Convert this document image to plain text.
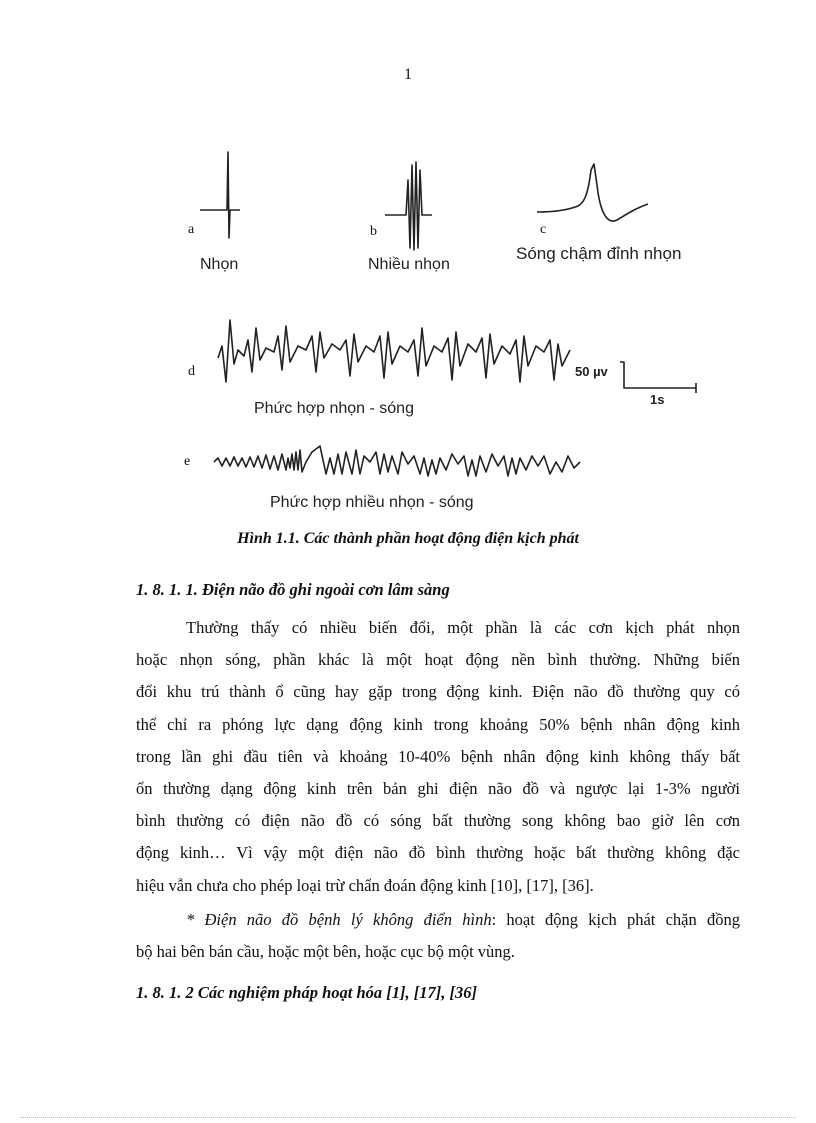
1
a	b	c
d
e
Nhọn	Nhiều nhọn
Sóng chậm đỉnh nhọn
Phức hợp nhọn - sóng
Phức hợp nhiều nhọn - sóng
50 µv
1s
Hình 1.1. Các thành phần hoạt động điện kịch phát
1. 8. 1. 1. Điện não đồ ghi ngoài cơn lâm sàng
Thường thấy có nhiều biến đổi, một phần là các cơn kịch phát nhọn
hoặc nhọn sóng, phần khác là một hoạt động nền bình thường. Những biến
đổi khu trú thành ổ cũng hay gặp trong động kinh. Điện não đồ thường quy có
thể chỉ ra phóng lực dạng động kinh trong khoảng 50% bệnh nhân động kinh
trong lần ghi đầu tiên và khoảng 10-40% bệnh nhân động kinh không thấy bất
ổn thường dạng động kinh trên bản ghi điện não đồ và ngược lại 1-3% người
bình thường có điện não đồ có sóng bất thường song không bao giờ lên cơn
động kinh… Vì vậy một điện não đồ bình thường hoặc bất thường không đặc
hiệu vẫn chưa cho phép loại trừ chẩn đoán động kinh [10], [17], [36].
* Điện não đồ bệnh lý không điển hình: hoạt động kịch phát chặn đồng
bộ hai bên bán cầu, hoặc một bên, hoặc cục bộ một vùng.
1. 8. 1. 2 Các nghiệm pháp hoạt hóa [1], [17], [36]
